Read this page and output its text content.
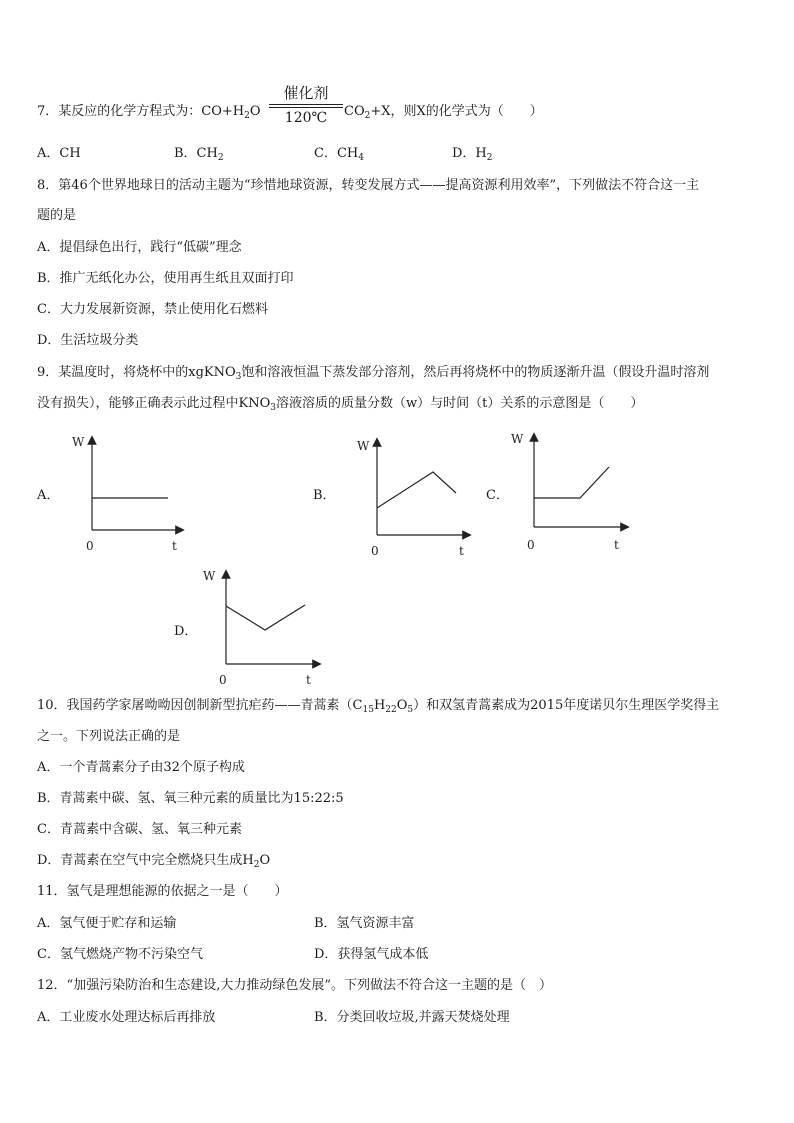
7．某反应的化学方程式为：$CO+H_2O$
催化剂
120℃	$CO_2+X$，则X的化学式为（　　）
A．CH	B．$CH_2$	C．$CH_4$	D．$H_2$
8．第46个世界地球日的活动主题为“珍惜地球资源，转变发展方式——提高资源利用效率”，下列做法不符合这一主
题的是
A．提倡绿色出行，践行“低碳”理念
B．推广无纸化办公，使用再生纸且双面打印
C．大力发展新资源，禁止使用化石燃料
D．生活垃圾分类
9．某温度时，将烧杯中的xgKNO$_3$饱和溶液恒温下蒸发部分溶剂，然后再将烧杯中的物质逐渐升温（假设升温时溶剂
没有损失），能够正确表示此过程中$KNO_3$溶液溶质的质量分数（w）与时间（t）关系的示意图是（　　）
A．
W
0	t
B．
W
0	t
C．
W
0	t
D．
W
0	t
10．我国药学家屠呦呦因创制新型抗疟药——青蒿素$(C_{15}H_{22}O_5)$和双氢青蒿素成为2015年度诺贝尔生理医学奖得主
之一。下列说法正确的是
A．一个青蒿素分子由32个原子构成
B．青蒿素中碳、氢、氧三种元素的质量比为15:22:5
C．青蒿素中含碳、氢、氧三种元素
D．青蒿素在空气中完全燃烧只生成$H_2O$
11．氢气是理想能源的依据之一是（　　）
A．氢气便于贮存和运输	B．氢气资源丰富
C．氢气燃烧产物不污染空气	D．获得氢气成本低
12．“加强污染防治和生态建设,大力推动绿色发展”。下列做法不符合这一主题的是（　）
A．工业废水处理达标后再排放	B．分类回收垃圾,并露天焚烧处理
